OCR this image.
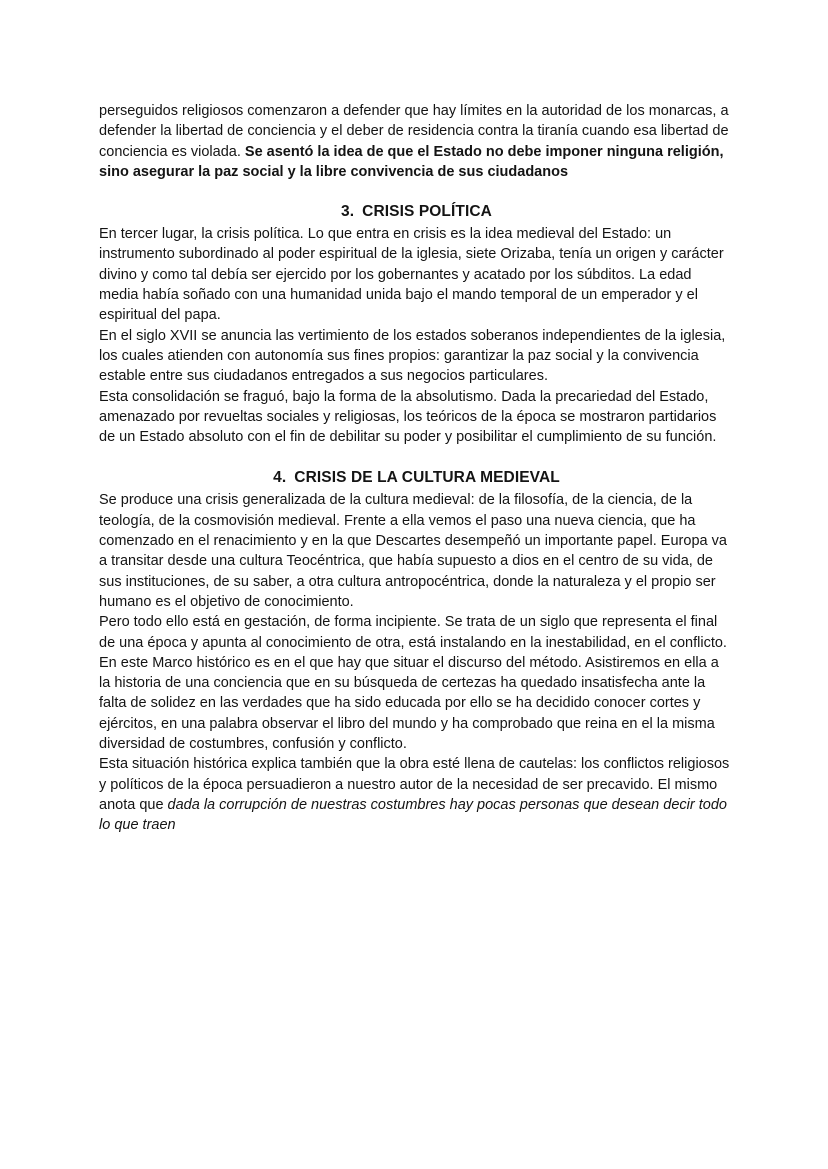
perseguidos religiosos comenzaron a defender que hay límites en la autoridad de los monarcas, a defender la libertad de conciencia y el deber de residencia contra la tiranía cuando esa libertad de conciencia es violada. Se asentó la idea de que el Estado no debe imponer ninguna religión, sino asegurar la paz social y la libre convivencia de sus ciudadanos

3. CRISIS POLÍTICA

En tercer lugar, la crisis política. Lo que entra en crisis es la idea medieval del Estado: un instrumento subordinado al poder espiritual de la iglesia, siete Orizaba, tenía un origen y carácter divino y como tal debía ser ejercido por los gobernantes y acatado por los súbditos. La edad media había soñado con una humanidad unida bajo el mando temporal de un emperador y el espiritual del papa.

En el siglo XVII se anuncia las vertimiento de los estados soberanos independientes de la iglesia, los cuales atienden con autonomía sus fines propios: garantizar la paz social y la convivencia estable entre sus ciudadanos entregados a sus negocios particulares.

Esta consolidación se fraguó, bajo la forma de la absolutismo. Dada la precariedad del Estado, amenazado por revueltas sociales y religiosas, los teóricos de la época se mostraron partidarios de un Estado absoluto con el fin de debilitar su poder y posibilitar el cumplimiento de su función.

4. CRISIS DE LA CULTURA MEDIEVAL

Se produce una crisis generalizada de la cultura medieval: de la filosofía, de la ciencia, de la teología, de la cosmovisión medieval. Frente a ella vemos el paso una nueva ciencia, que ha comenzado en el renacimiento y en la que Descartes desempeñó un importante papel. Europa va a transitar desde una cultura Teocéntrica, que había supuesto a dios en el centro de su vida, de sus instituciones, de su saber, a otra cultura antropocéntrica, donde la naturaleza y el propio ser humano es el objetivo de conocimiento.

Pero todo ello está en gestación, de forma incipiente. Se trata de un siglo que representa el final de una época y apunta al conocimiento de otra, está instalando en la inestabilidad, en el conflicto.

En este Marco histórico es en el que hay que situar el discurso del método. Asistiremos en ella a la historia de una conciencia que en su búsqueda de certezas ha quedado insatisfecha ante la falta de solidez en las verdades que ha sido educada por ello se ha decidido conocer cortes y ejércitos, en una palabra observar el libro del mundo y ha comprobado que reina en el la misma diversidad de costumbres, confusión y conflicto.

Esta situación histórica explica también que la obra esté llena de cautelas: los conflictos religiosos y políticos de la época persuadieron a nuestro autor de la necesidad de ser precavido. El mismo anota que dada la corrupción de nuestras costumbres hay pocas personas que desean decir todo lo que traen
